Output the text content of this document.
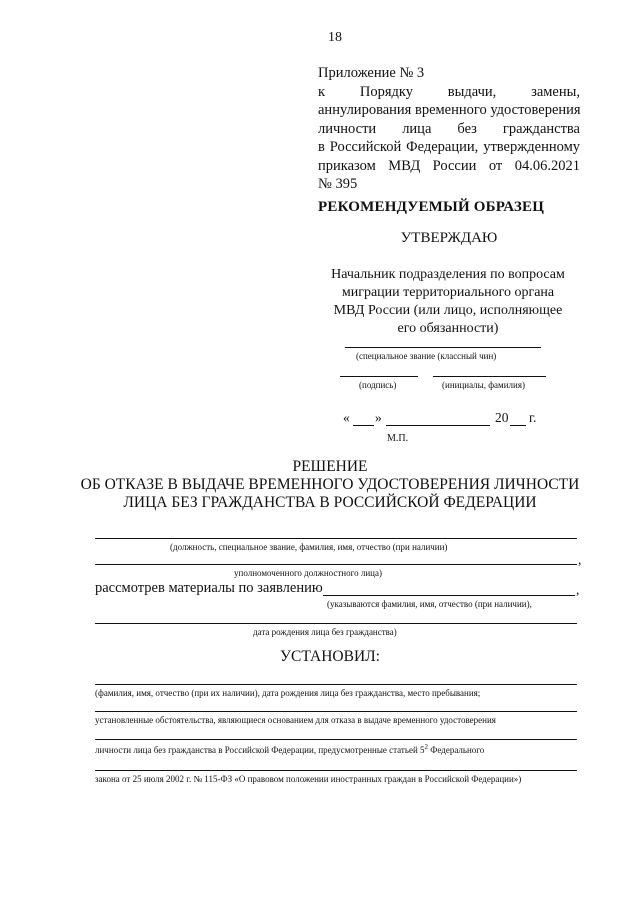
18
Приложение № 3
к Порядку выдачи, замены,
аннулирования временного удостоверения
личности лица без гражданства
в Российской Федерации, утвержденному
приказом МВД России от 04.06.2021
№ 395
РЕКОМЕНДУЕМЫЙ ОБРАЗЕЦ
УТВЕРЖДАЮ
Начальник подразделения по вопросам
миграции территориального органа
МВД России (или лицо, исполняющее
его обязанности)
(специальное звание (классный чин)
(подпись)	(инициалы, фамилия)
« »	20 г.
М.П.
РЕШЕНИЕ
ОБ ОТКАЗЕ В ВЫДАЧЕ ВРЕМЕННОГО УДОСТОВЕРЕНИЯ ЛИЧНОСТИ
ЛИЦА БЕЗ ГРАЖДАНСТВА В РОССИЙСКОЙ ФЕДЕРАЦИИ
(должность, специальное звание, фамилия, имя, отчество (при наличии)
,
уполномоченного должностного лица)
рассмотрев материалы по заявлению	,
(указываются фамилия, имя, отчество (при наличии),
дата рождения лица без гражданства)
УСТАНОВИЛ:
(фамилия, имя, отчество (при их наличии), дата рождения лица без гражданства, место пребывания;
установленные обстоятельства, являющиеся основанием для отказа в выдаче временного удостоверения
личности лица без гражданства в Российской Федерации, предусмотренные статьей $5^2$ Федерального
закона от 25 июля 2002 г. № 115-ФЗ «О правовом положении иностранных граждан в Российской Федерации»)
